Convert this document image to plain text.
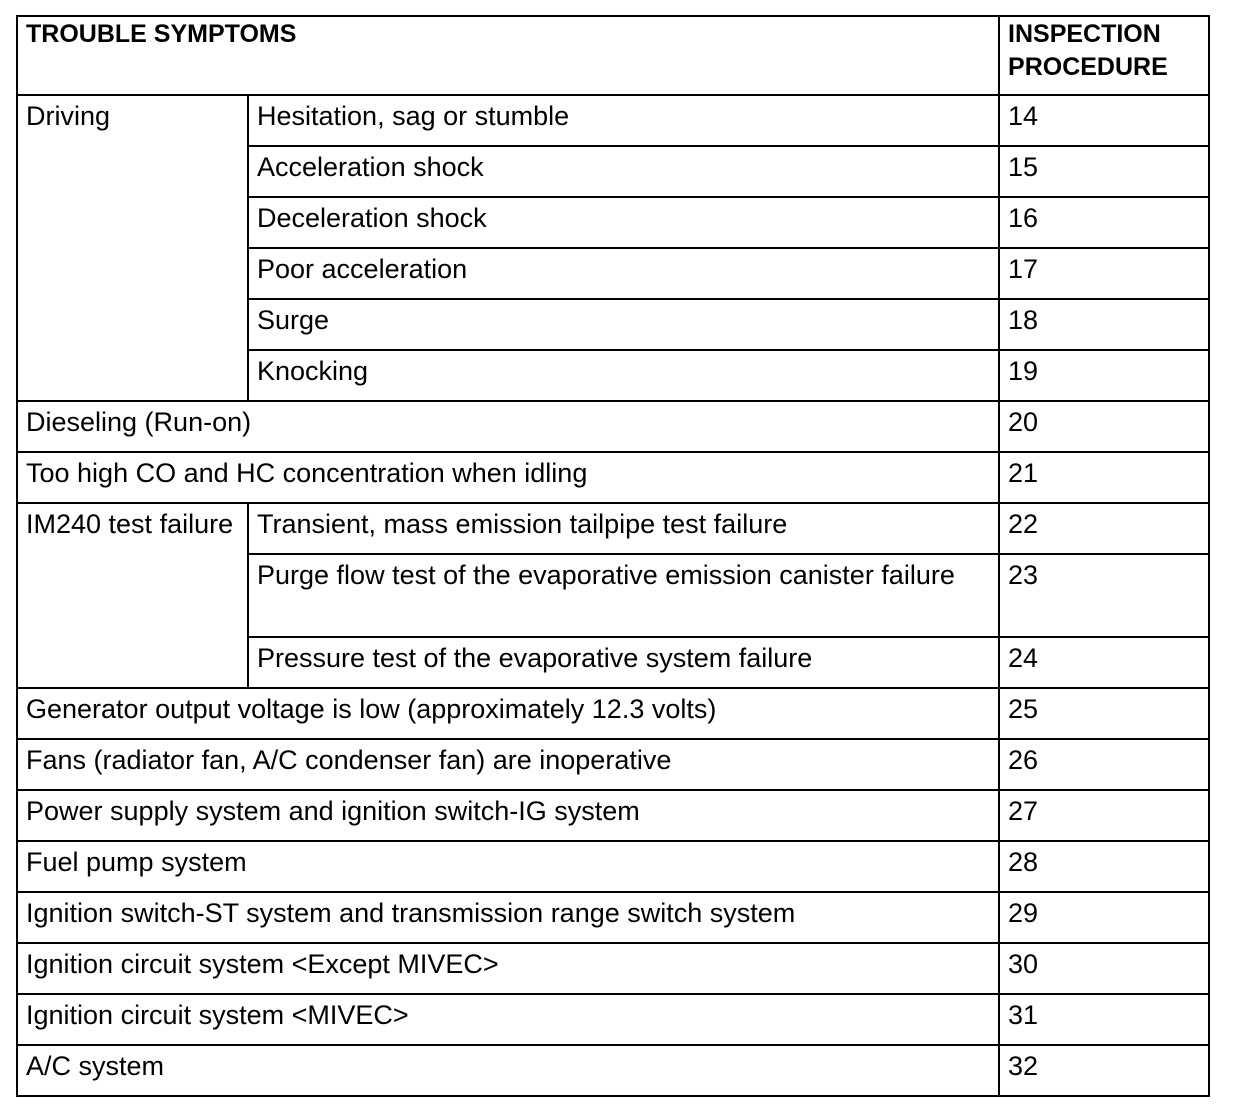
TROUBLE SYMPTOMS		INSPECTION PROCEDURE
Driving	Hesitation, sag or stumble	14
	Acceleration shock	15
	Deceleration shock	16
	Poor acceleration	17
	Surge	18
	Knocking	19
Dieseling (Run-on)		20
Too high CO and HC concentration when idling		21
IM240 test failure	Transient, mass emission tailpipe test failure	22
	Purge flow test of the evaporative emission canister failure	23
	Pressure test of the evaporative system failure	24
Generator output voltage is low (approximately 12.3 volts)		25
Fans (radiator fan, A/C condenser fan) are inoperative		26
Power supply system and ignition switch-IG system		27
Fuel pump system		28
Ignition switch-ST system and transmission range switch system		29
Ignition circuit system <Except MIVEC>		30
Ignition circuit system <MIVEC>		31
A/C system		32
